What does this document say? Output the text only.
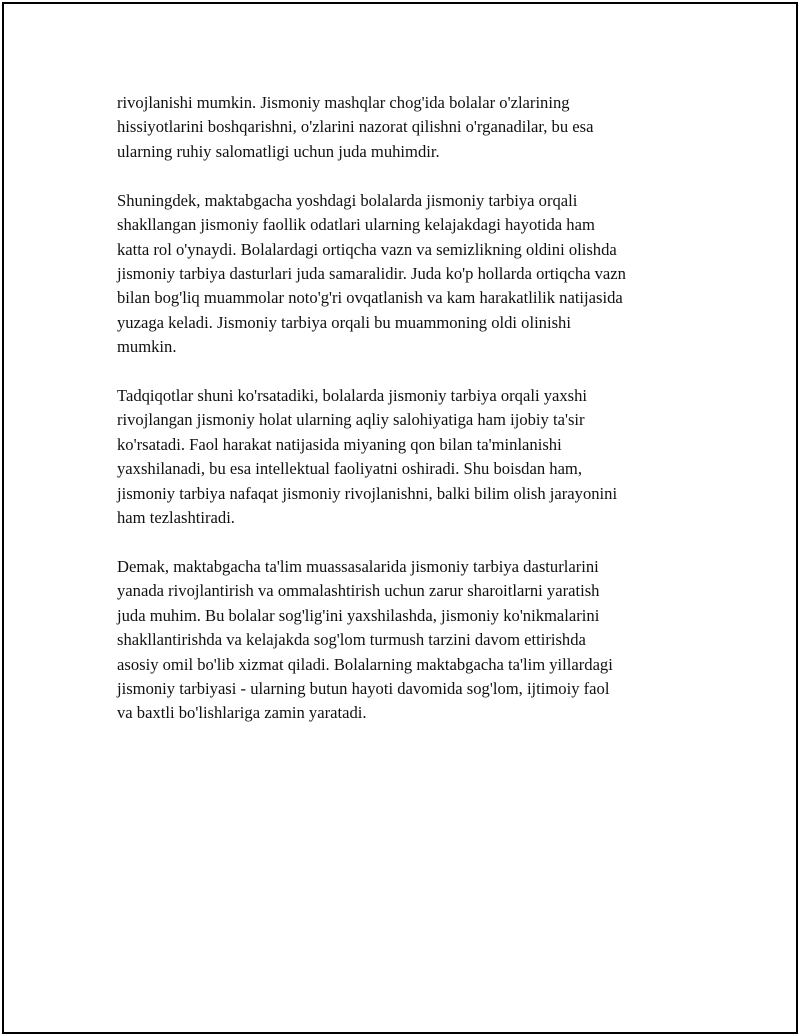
rivojlanishi mumkin. Jismoniy mashqlar chog'ida bolalar o'zlarining
hissiyotlarini boshqarishni, o'zlarini nazorat qilishni o'rganadilar, bu esa
ularning ruhiy salomatligi uchun juda muhimdir.

Shuningdek, maktabgacha yoshdagi bolalarda jismoniy tarbiya orqali
shakllangan jismoniy faollik odatlari ularning kelajakdagi hayotida ham
katta rol o'ynaydi. Bolalardagi ortiqcha vazn va semizlikning oldini olishda
jismoniy tarbiya dasturlari juda samaralidir. Juda ko'p hollarda ortiqcha vazn
bilan bog'liq muammolar noto'g'ri ovqatlanish va kam harakatlilik natijasida
yuzaga keladi. Jismoniy tarbiya orqali bu muammoning oldi olinishi
mumkin.

Tadqiqotlar shuni ko'rsatadiki, bolalarda jismoniy tarbiya orqali yaxshi
rivojlangan jismoniy holat ularning aqliy salohiyatiga ham ijobiy ta'sir
ko'rsatadi. Faol harakat natijasida miyaning qon bilan ta'minlanishi
yaxshilanadi, bu esa intellektual faoliyatni oshiradi. Shu boisdan ham,
jismoniy tarbiya nafaqat jismoniy rivojlanishni, balki bilim olish jarayonini
ham tezlashtiradi.

Demak, maktabgacha ta'lim muassasalarida jismoniy tarbiya dasturlarini
yanada rivojlantirish va ommalashtirish uchun zarur sharoitlarni yaratish
juda muhim. Bu bolalar sog'lig'ini yaxshilashda, jismoniy ko'nikmalarini
shakllantirishda va kelajakda sog'lom turmush tarzini davom ettirishda
asosiy omil bo'lib xizmat qiladi. Bolalarning maktabgacha ta'lim yillardagi
jismoniy tarbiyasi - ularning butun hayoti davomida sog'lom, ijtimoiy faol
va baxtli bo'lishlariga zamin yaratadi.
